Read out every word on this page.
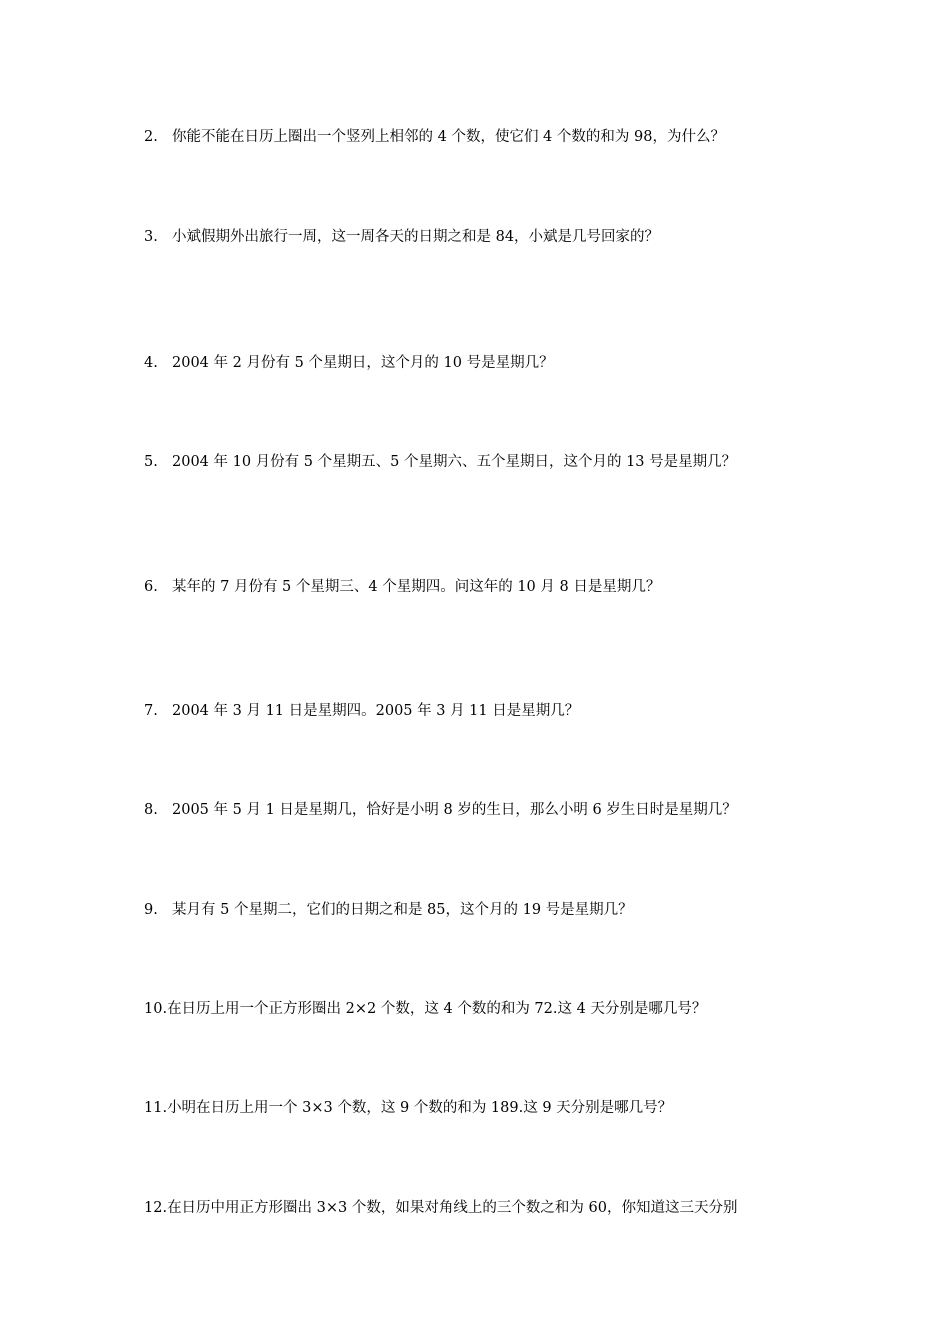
2. 你能不能在日历上圈出一个竖列上相邻的 4 个数，使它们 4 个数的和为 98，为什么？
3. 小斌假期外出旅行一周，这一周各天的日期之和是 84，小斌是几号回家的？
4. 2004 年 2 月份有 5 个星期日，这个月的 10 号是星期几？
5. 2004 年 10 月份有 5 个星期五、5 个星期六、五个星期日，这个月的 13 号是星期几？
6. 某年的 7 月份有 5 个星期三、4 个星期四。问这年的 10 月 8 日是星期几？
7. 2004 年 3 月 11 日是星期四。2005 年 3 月 11 日是星期几？
8. 2005 年 5 月 1 日是星期几，恰好是小明 8 岁的生日，那么小明 6 岁生日时是星期几？
9. 某月有 5 个星期二，它们的日期之和是 85，这个月的 19 号是星期几？
10.在日历上用一个正方形圈出 2×2 个数，这 4 个数的和为 72.这 4 天分别是哪几号？
11.小明在日历上用一个 3×3 个数，这 9 个数的和为 189.这 9 天分别是哪几号？
12.在日历中用正方形圈出 3×3 个数，如果对角线上的三个数之和为 60，你知道这三天分别
